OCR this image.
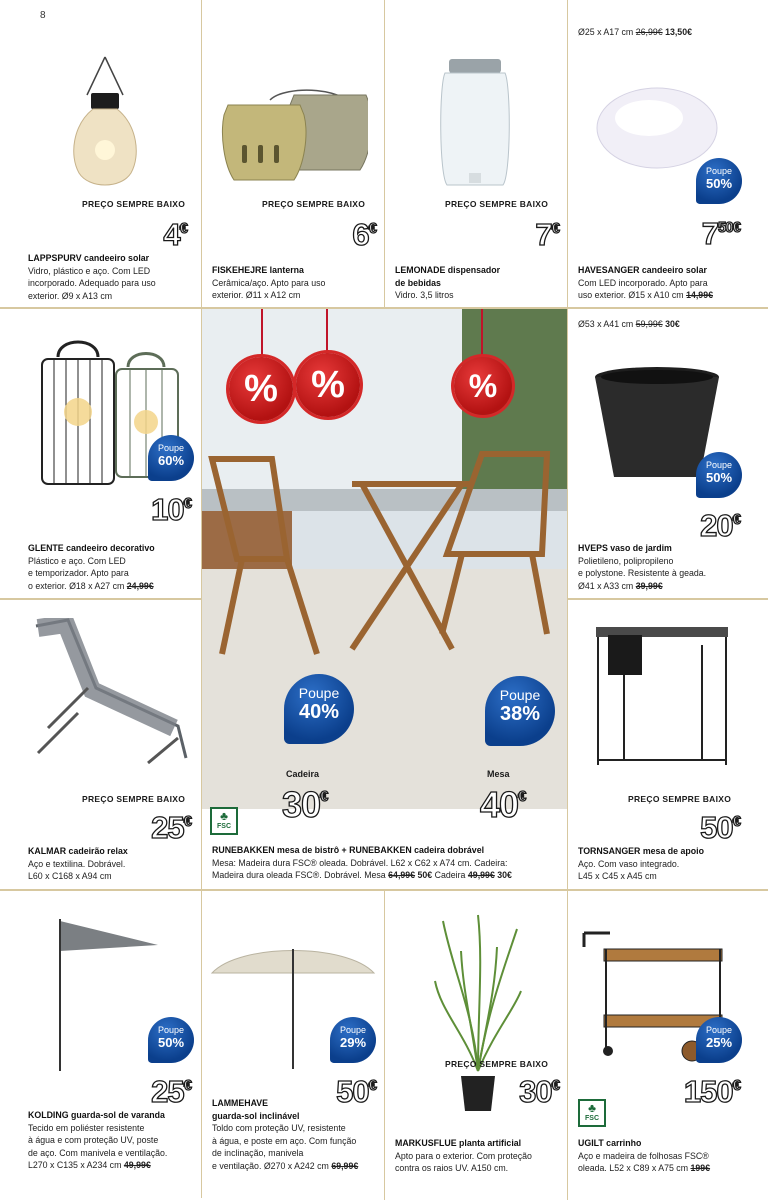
8
PREÇO SEMPRE BAIXO
4€
LAPPSPURV candeeiro solar
Vidro, plástico e aço. Com LED
incorporado. Adequado para uso
exterior. Ø9 x A13 cm
PREÇO SEMPRE BAIXO
6€
FISKEHEJRE lanterna
Cerâmica/aço. Apto para uso
exterior. Ø11 x A12 cm
PREÇO SEMPRE BAIXO
7€
LEMONADE dispensador
de bebidas
Vidro. 3,5 litros
Ø25 x A17 cm 26,99€ 13,50€
Poupe
50%
$7^{50€}$
HAVESANGER candeeiro solar
Com LED incorporado. Apto para
uso exterior. Ø15 x A10 cm 14,99€
Poupe
60%
10€
GLENTE candeeiro decorativo
Plástico e aço. Com LED
e temporizador. Apto para
o exterior. Ø18 x A27 cm 24,99€
% %	%
Poupe
40%
Poupe
38%
Cadeira	Mesa
30€	40€
♣ FSC
RUNEBAKKEN mesa de bistrô + RUNEBAKKEN cadeira dobrável
Mesa: Madeira dura FSC® oleada. Dobrável. L62 x C62 x A74 cm. Cadeira:
Madeira dura oleada FSC®. Dobrável. Mesa 64,99€ 50€ Cadeira 49,99€ 30€
Ø53 x A41 cm 59,99€ 30€
Poupe
50%
20€
HVEPS vaso de jardim
Polietileno, polipropileno
e polystone. Resistente à geada.
Ø41 x A33 cm 39,99€
PREÇO SEMPRE BAIXO
25€
KALMAR cadeirão relax
Aço e textilina. Dobrável.
L60 x C168 x A94 cm
PREÇO SEMPRE BAIXO
50€
TORNSANGER mesa de apoio
Aço. Com vaso integrado.
L45 x C45 x A45 cm
Poupe
50%
25€
KOLDING guarda-sol de varanda
Tecido em poliéster resistente
à água e com proteção UV, poste
de aço. Com manivela e ventilação.
L270 x C135 x A234 cm 49,99€
Poupe
29%
50€
LAMMEHAVE
guarda-sol inclinável
Toldo com proteção UV, resistente
à água, e poste em aço. Com função
de inclinação, manivela
e ventilação. Ø270 x A242 cm 69,99€
PREÇO SEMPRE BAIXO
30€
MARKUSFLUE planta artificial
Apto para o exterior. Com proteção
contra os raios UV. A150 cm.
Poupe
25%
♣ FSC
150€
UGILT carrinho
Aço e madeira de folhosas FSC®
oleada. L52 x C89 x A75 cm 199€
